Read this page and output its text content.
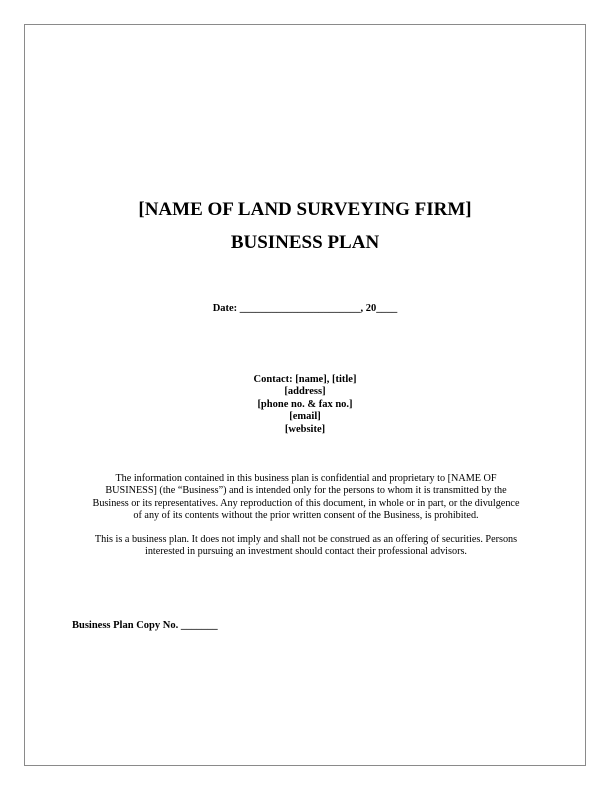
[NAME OF LAND SURVEYING FIRM]
BUSINESS PLAN
Date: _______________________, 20____
Contact: [name], [title]
[address]
[phone no. & fax no.]
[email]
[website]
The information contained in this business plan is confidential and proprietary to [NAME OF
BUSINESS] (the “Business”) and is intended only for the persons to whom it is transmitted by the
Business or its representatives. Any reproduction of this document, in whole or in part, or the divulgence
of any of its contents without the prior written consent of the Business, is prohibited.
This is a business plan. It does not imply and shall not be construed as an offering of securities. Persons
interested in pursuing an investment should contact their professional advisors.
Business Plan Copy No. _______
